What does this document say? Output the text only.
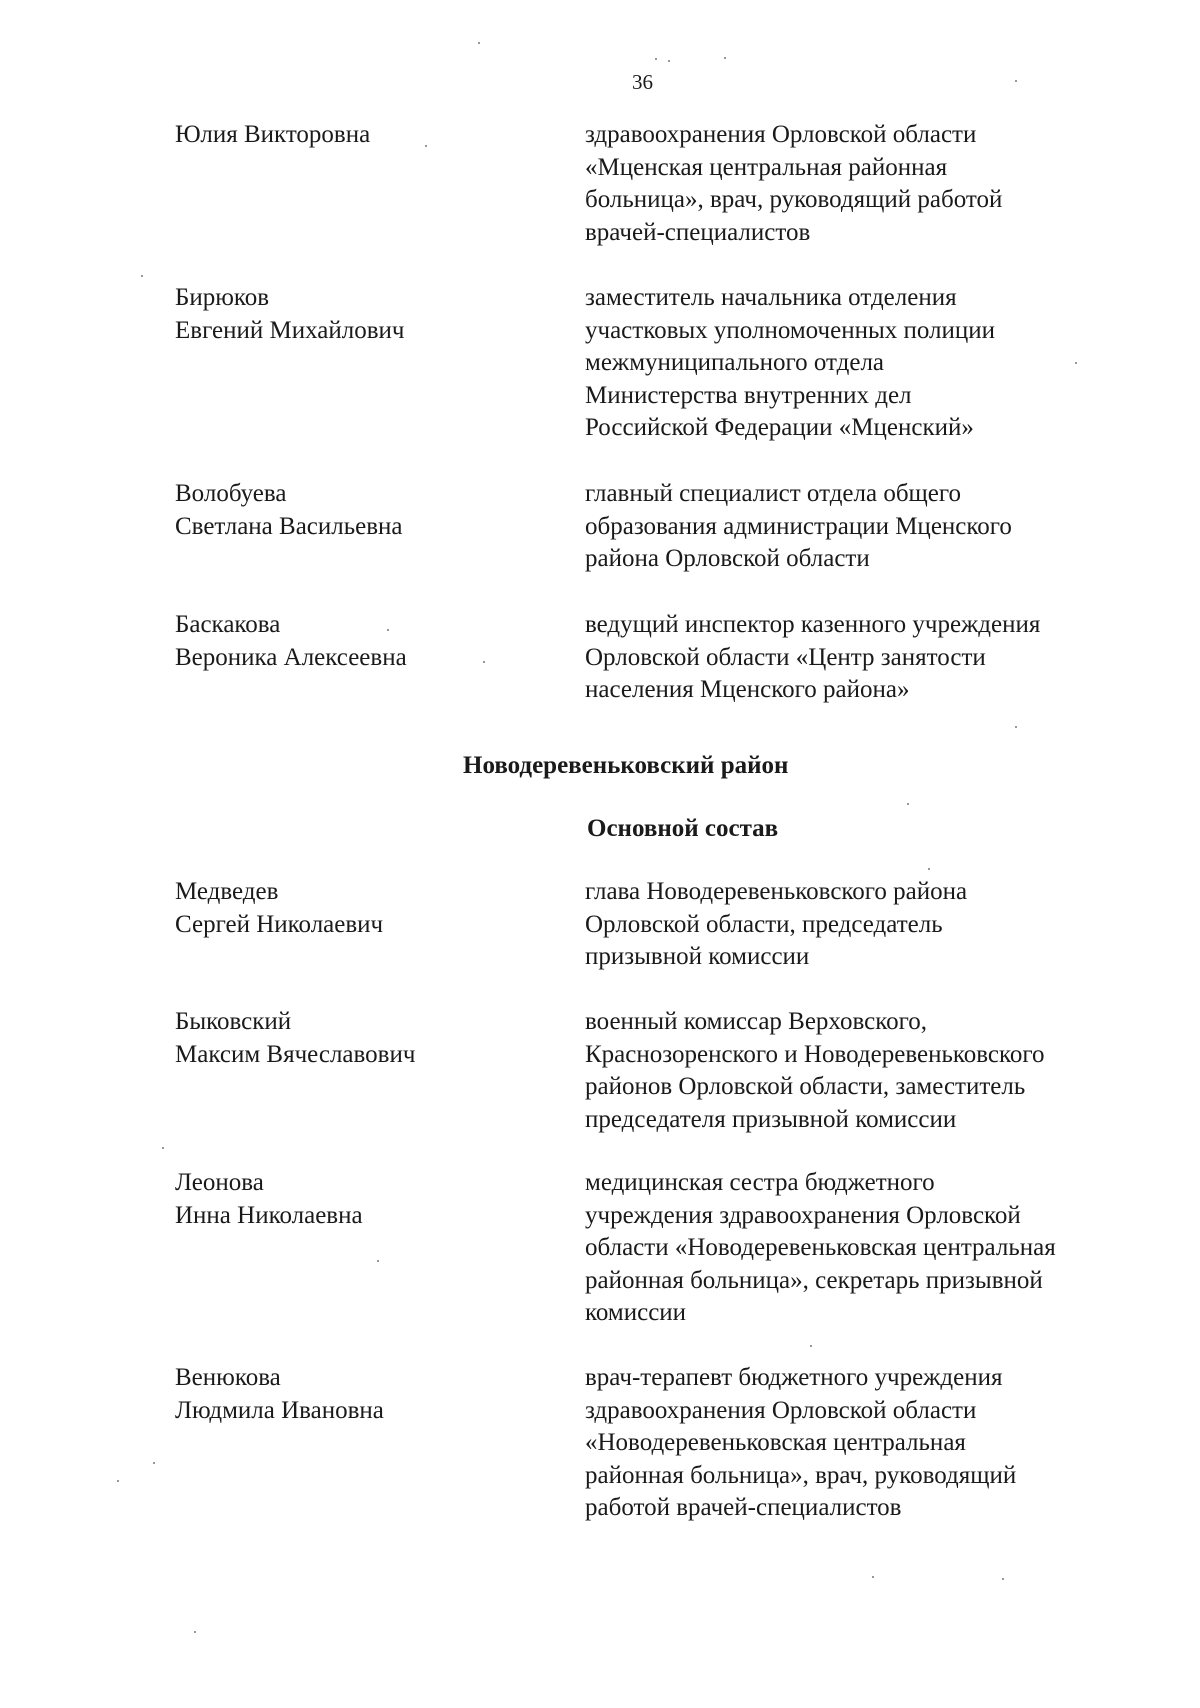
36
Юлия Викторовна	здравоохранения Орловской области
«Мценская центральная районная
больница», врач, руководящий работой
врачей-специалистов
Бирюков
Евгений Михайлович
заместитель начальника отделения
участковых уполномоченных полиции
межмуниципального отдела
Министерства внутренних дел
Российской Федерации «Мценский»
Волобуева
Светлана Васильевна
главный специалист отдела общего
образования администрации Мценского
района Орловской области
Баскакова
Вероника Алексеевна
ведущий инспектор казенного учреждения
Орловской области «Центр занятости
населения Мценского района»
Новодеревеньковский район
Основной состав
Медведев
Сергей Николаевич
глава Новодеревеньковского района
Орловской области, председатель
призывной комиссии
Быковский
Максим Вячеславович
военный комиссар Верховского,
Краснозоренского и Новодеревеньковского
районов Орловской области, заместитель
председателя призывной комиссии
Леонова
Инна Николаевна
медицинская сестра бюджетного
учреждения здравоохранения Орловской
области «Новодеревеньковская центральная
районная больница», секретарь призывной
комиссии
Венюкова
Людмила Ивановна
врач-терапевт бюджетного учреждения
здравоохранения Орловской области
«Новодеревеньковская центральная
районная больница», врач, руководящий
работой врачей-специалистов
